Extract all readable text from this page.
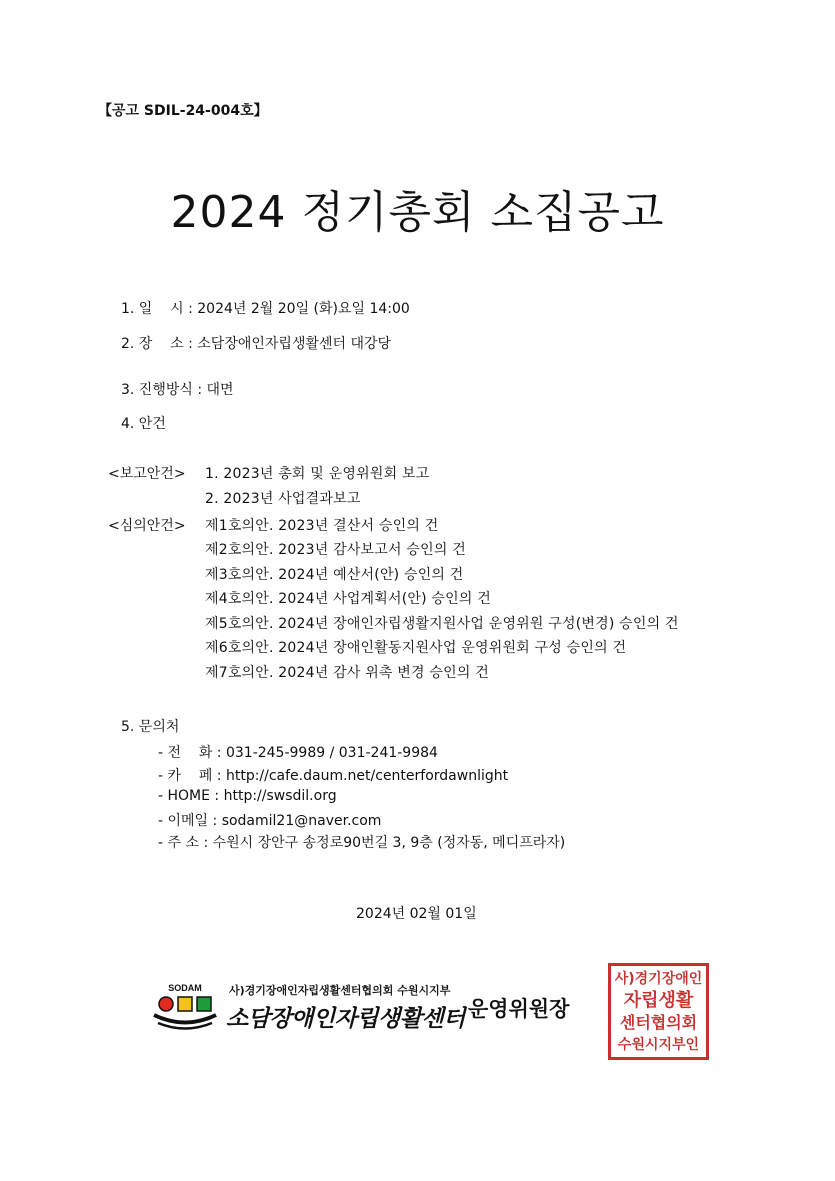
【공고 SDIL-24-004호】
2024 정기총회 소집공고
1. 일    시 : 2024년 2월 20일 (화)요일 14:00
2. 장    소 : 소담장애인자립생활센터 대강당
3. 진행방식 : 대면
4. 안건
<보고안건> 1. 2023년 총회 및 운영위원회 보고
2. 2023년 사업결과보고
<심의안건> 제1호의안. 2023년 결산서 승인의 건
제2호의안. 2023년 감사보고서 승인의 건
제3호의안. 2024년 예산서(안) 승인의 건
제4호의안. 2024년 사업계획서(안) 승인의 건
제5호의안. 2024년 장애인자립생활지원사업 운영위원 구성(변경) 승인의 건
제6호의안. 2024년 장애인활동지원사업 운영위원회 구성 승인의 건
제7호의안. 2024년 감사 위촉 변경 승인의 건
5. 문의처
- 전    화 : 031-245-9989 / 031-241-9984
- 카    페 : http://cafe.daum.net/centerfordawnlight
- HOME : http://swsdil.org
- 이메일 : sodamil21@naver.com
- 주 소 : 수원시 장안구 송정로90번길 3, 9층 (정자동, 메디프라자)
2024년 02월 01일
SODAM 사)경기장애인자립생활센터협의회 수원시지부
소담장애인자립생활센터 운영위원장
사)경기장애인
자립생활
센터협의회
수원시지부인
